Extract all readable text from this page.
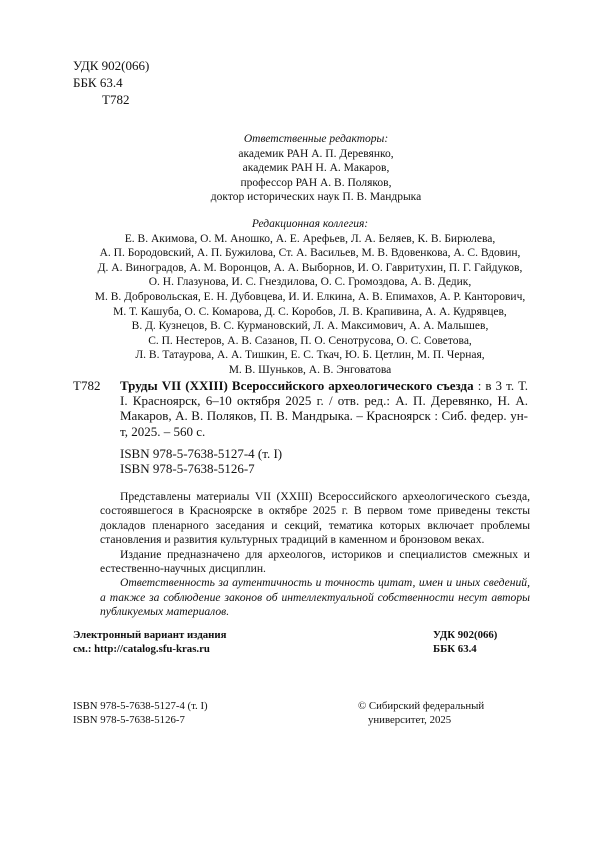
УДК 902(066)
ББК 63.4
Т782
Ответственные редакторы:
академик РАН А. П. Деревянко,
академик РАН Н. А. Макаров,
профессор РАН А. В. Поляков,
доктор исторических наук П. В. Мандрыка
Редакционная коллегия:
Е. В. Акимова, О. М. Аношко, А. Е. Арефьев, Л. А. Беляев, К. В. Бирюлева,
А. П. Бородовский, А. П. Бужилова, Ст. А. Васильев, М. В. Вдовенкова, А. С. Вдовин,
Д. А. Виноградов, А. М. Воронцов, А. А. Выборнов, И. О. Гавритухин, П. Г. Гайдуков,
О. Н. Глазунова, И. С. Гнездилова, О. С. Громоздова, А. В. Дедик,
М. В. Добровольская, Е. Н. Дубовцева, И. И. Елкина, А. В. Епимахов, А. Р. Канторович,
М. Т. Кашуба, О. С. Комарова, Д. С. Коробов, Л. В. Крапивина, А. А. Кудрявцев,
В. Д. Кузнецов, В. С. Курмановский, Л. А. Максимович, А. А. Малышев,
С. П. Нестеров, А. В. Сазанов, П. О. Сенотрусова, О. С. Советова,
Л. В. Татаурова, А. А. Тишкин, Е. С. Ткач, Ю. Б. Цетлин, М. П. Черная,
М. В. Шуньков, А. В. Энговатова
Т782	Труды VII (XXIII) Всероссийского археологического съезда : в 3 т. Т. I. Красноярск, 6–10 октября 2025 г. / отв. ред.: А. П. Деревянко, Н. А. Макаров, А. В. Поляков, П. В. Мандрыка. – Красноярск : Сиб. федер. ун-т, 2025. – 560 с.
ISBN 978-5-7638-5127-4 (т. I)
ISBN 978-5-7638-5126-7

Представлены материалы VII (XXIII) Всероссийского археологического съезда, состоявшегося в Красноярске в октябре 2025 г. В первом томе приведены тексты докладов пленарного заседания и секций, тематика которых включает проблемы становления и развития культурных традиций в каменном и бронзовом веках.

Издание предназначено для археологов, историков и специалистов смежных и естественно-научных дисциплин.

Ответственность за аутентичность и точность цитат, имен и иных сведений, а также за соблюдение законов об интеллектуальной собственности несут авторы публикуемых материалов.

Электронный вариант издания
см.: http://catalog.sfu-kras.ru
УДК 902(066)
ББК 63.4
ISBN 978-5-7638-5127-4 (т. I)
ISBN 978-5-7638-5126-7
© Сибирский федеральный
университет, 2025
